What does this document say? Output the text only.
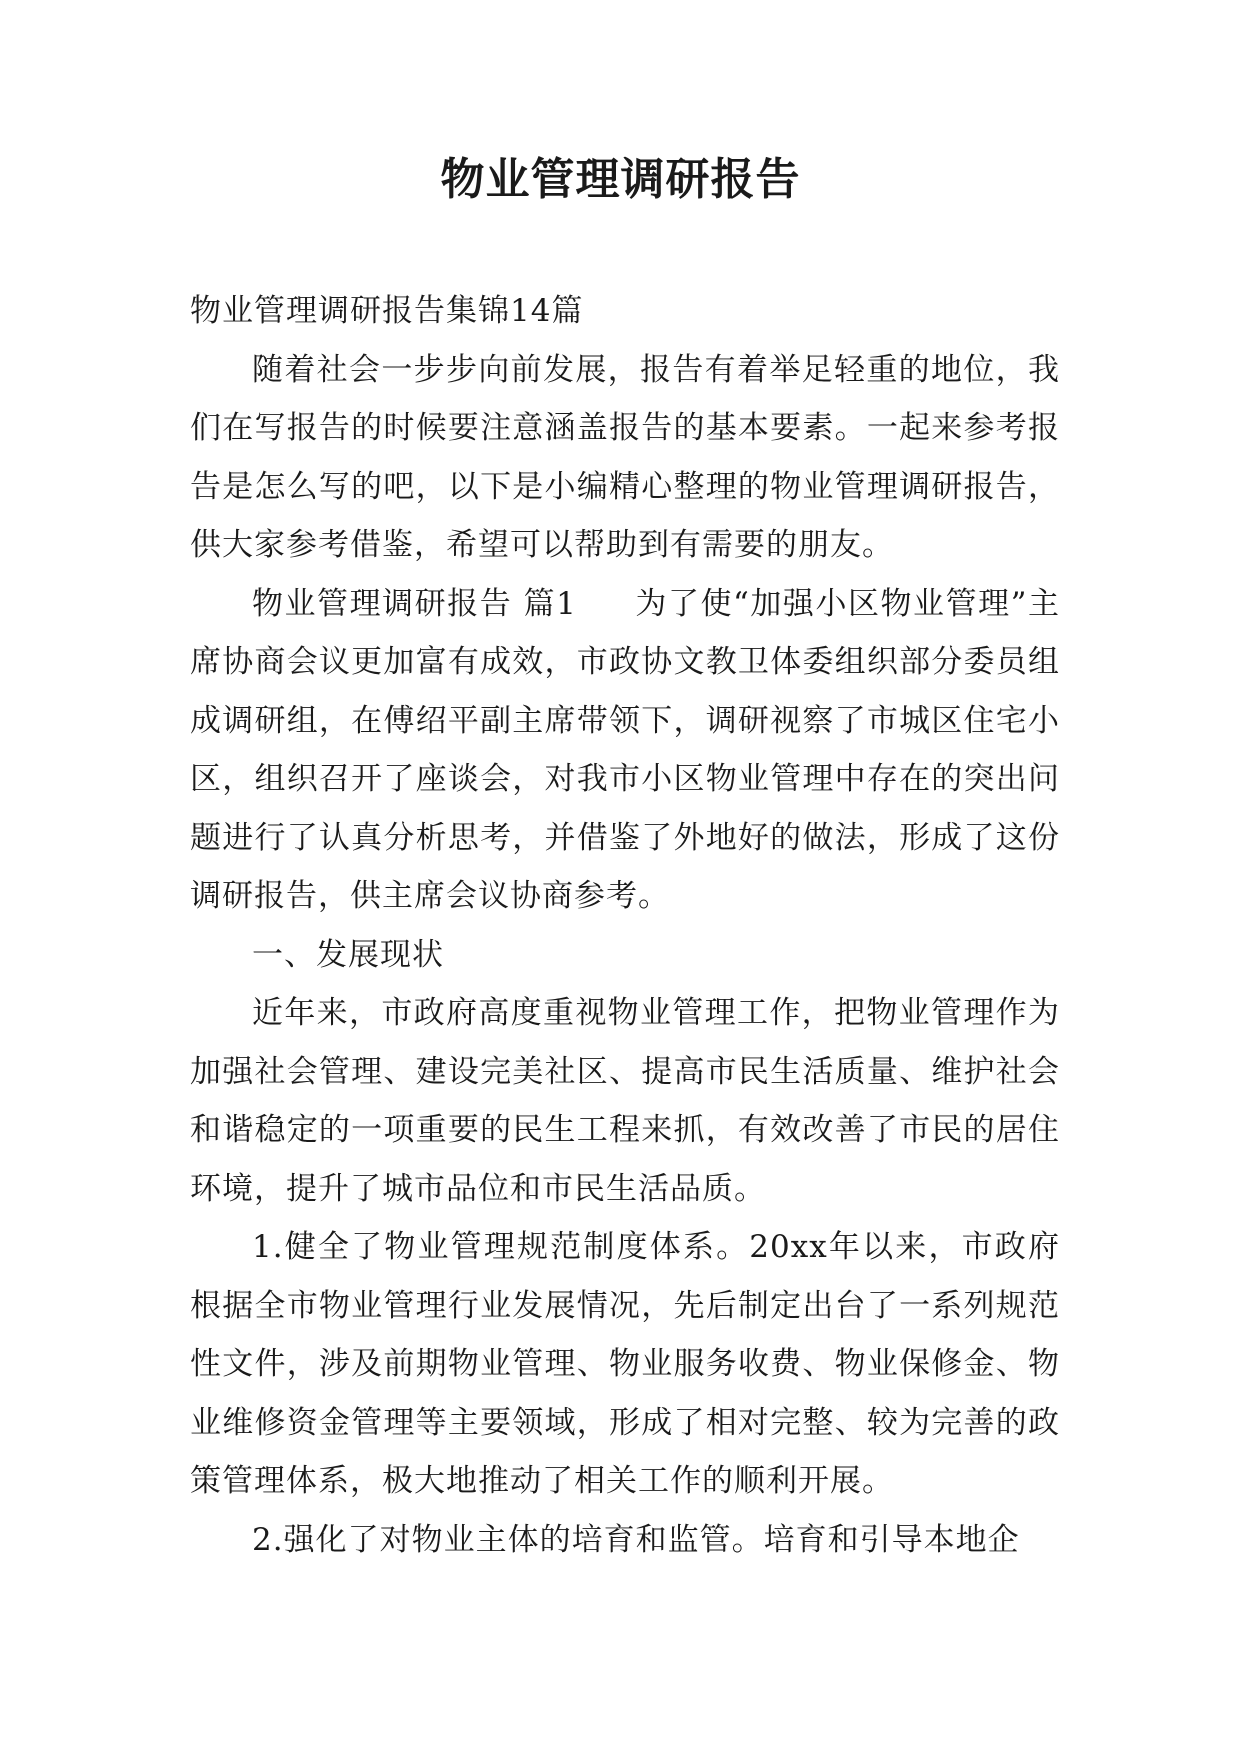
物业管理调研报告

物业管理调研报告集锦14篇

随着社会一步步向前发展，报告有着举足轻重的地位，我们在写报告的时候要注意涵盖报告的基本要素。一起来参考报告是怎么写的吧，以下是小编精心整理的物业管理调研报告，供大家参考借鉴，希望可以帮助到有需要的朋友。

物业管理调研报告 篇1 为了使“加强小区物业管理”主席协商会议更加富有成效，市政协文教卫体委组织部分委员组成调研组，在傅绍平副主席带领下，调研视察了市城区住宅小区，组织召开了座谈会，对我市小区物业管理中存在的突出问题进行了认真分析思考，并借鉴了外地好的做法，形成了这份调研报告，供主席会议协商参考。

一、发展现状

近年来，市政府高度重视物业管理工作，把物业管理作为加强社会管理、建设完美社区、提高市民生活质量、维护社会和谐稳定的一项重要的民生工程来抓，有效改善了市民的居住环境，提升了城市品位和市民生活品质。

1.健全了物业管理规范制度体系。20xx年以来，市政府根据全市物业管理行业发展情况，先后制定出台了一系列规范性文件，涉及前期物业管理、物业服务收费、物业保修金、物业维修资金管理等主要领域，形成了相对完整、较为完善的政策管理体系，极大地推动了相关工作的顺利开展。

2.强化了对物业主体的培育和监管。培育和引导本地企
